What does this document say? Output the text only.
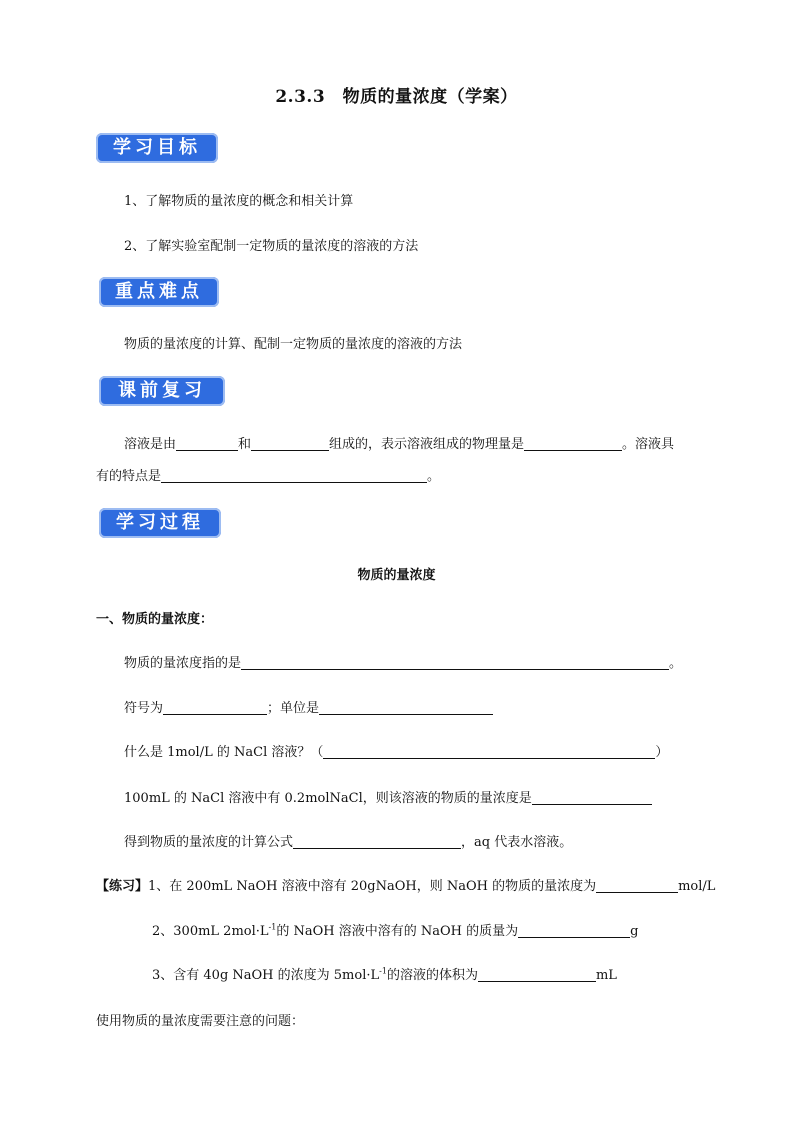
2.3.3　物质的量浓度（学案）
学习目标
1、了解物质的量浓度的概念和相关计算
2、了解实验室配制一定物质的量浓度的溶液的方法
重点难点
物质的量浓度的计算、配制一定物质的量浓度的溶液的方法
课前复习
溶液是由	和	组成的，表示溶液组成的物理量是	。溶液具
有的特点是	。
学习过程
物质的量浓度
一、物质的量浓度：
物质的量浓度指的是	。
符号为	；单位是
什么是 1mol/L 的 NaCl 溶液？（	）
100mL 的 NaCl 溶液中有 0.2molNaCl，则该溶液的物质的量浓度是
得到物质的量浓度的计算公式	，aq 代表水溶液。
【练习】1、在 200mL NaOH 溶液中溶有 20gNaOH，则 NaOH 的物质的量浓度为	mol/L
2、300mL $2mol\cdot L^{-1}$的 NaOH 溶液中溶有的 NaOH 的质量为	g
3、含有 40g NaOH 的浓度为 $5mol\cdot L^{-1}$的溶液的体积为	mL
使用物质的量浓度需要注意的问题：
